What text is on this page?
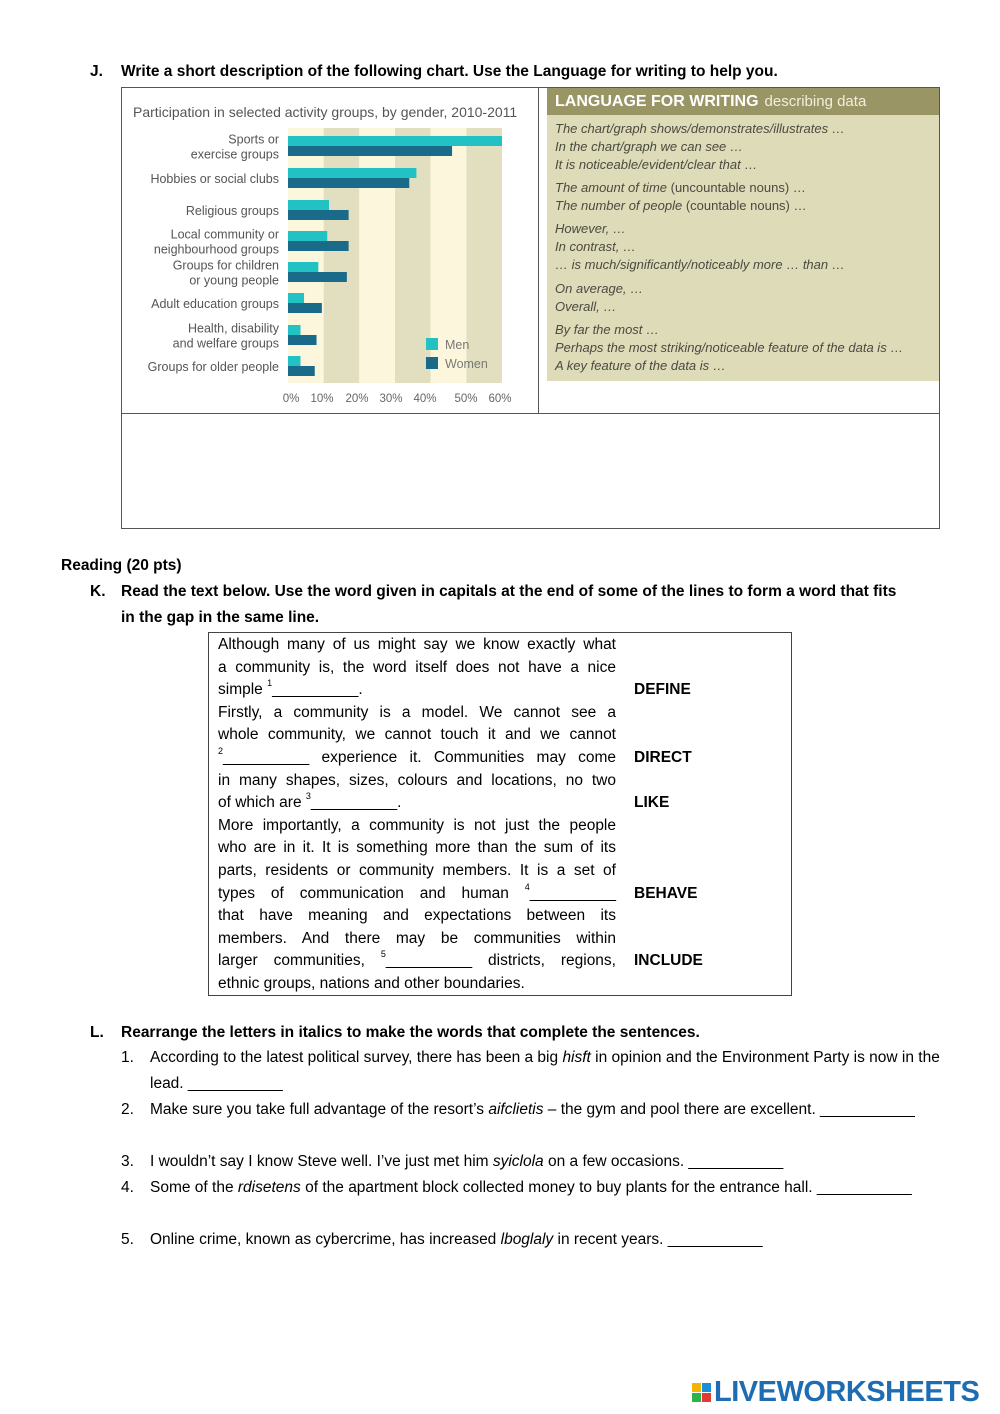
J. Write a short description of the following chart. Use the Language for writing to help you.
Participation in selected activity groups, by gender, 2010-2011
Sports or
exercise groups
Hobbies or social clubs
Religious groups
Local community or
neighbourhood groups
Groups for children
or young people
Adult education groups
Health, disability
and welfare groups
Groups for older people
0% 10% 20% 30% 40% 50% 60%
Men
Women
LANGUAGE FOR WRITING describing data
The chart/graph shows/demonstrates/illustrates …
In the chart/graph we can see …
It is noticeable/evident/clear that …
The amount of time (uncountable nouns) …
The number of people (countable nouns) …
However, …
In contrast, …
… is much/significantly/noticeably more … than …
On average, …
Overall, …
By far the most …
Perhaps the most striking/noticeable feature of the data is …
A key feature of the data is …
Reading (20 pts)
K. Read the text below. Use the word given in capitals at the end of some of the lines to form a word that fits
in the gap in the same line.
Although many of us might say we know exactly what
a community is, the word itself does not have a nice
simple $^1$__________.	DEFINE
Firstly, a community is a model. We cannot see a
whole community, we cannot touch it and we cannot
$^2$__________ experience it. Communities may come DIRECT
in many shapes, sizes, colours and locations, no two
of which are $^3$__________.	LIKE
More importantly, a community is not just the people
who are in it. It is something more than the sum of its
parts, residents or community members. It is a set of
types of communication and human $^4$__________ BEHAVE
that have meaning and expectations between its
members. And there may be communities within
larger communities, $^5$__________ districts, regions, INCLUDE
ethnic groups, nations and other boundaries.
L. Rearrange the letters in italics to make the words that complete the sentences.
1. According to the latest political survey, there has been a big hisft in opinion and the Environment Party is now in the lead. ___________
2. Make sure you take full advantage of the resort’s aifclietis – the gym and pool there are excellent. ___________
3. I wouldn’t say I know Steve well. I’ve just met him syiclola on a few occasions. ___________
4. Some of the rdisetens of the apartment block collected money to buy plants for the entrance hall. ___________
5. Online crime, known as cybercrime, has increased lboglaly in recent years. ___________
LIVEWORKSHEETS
